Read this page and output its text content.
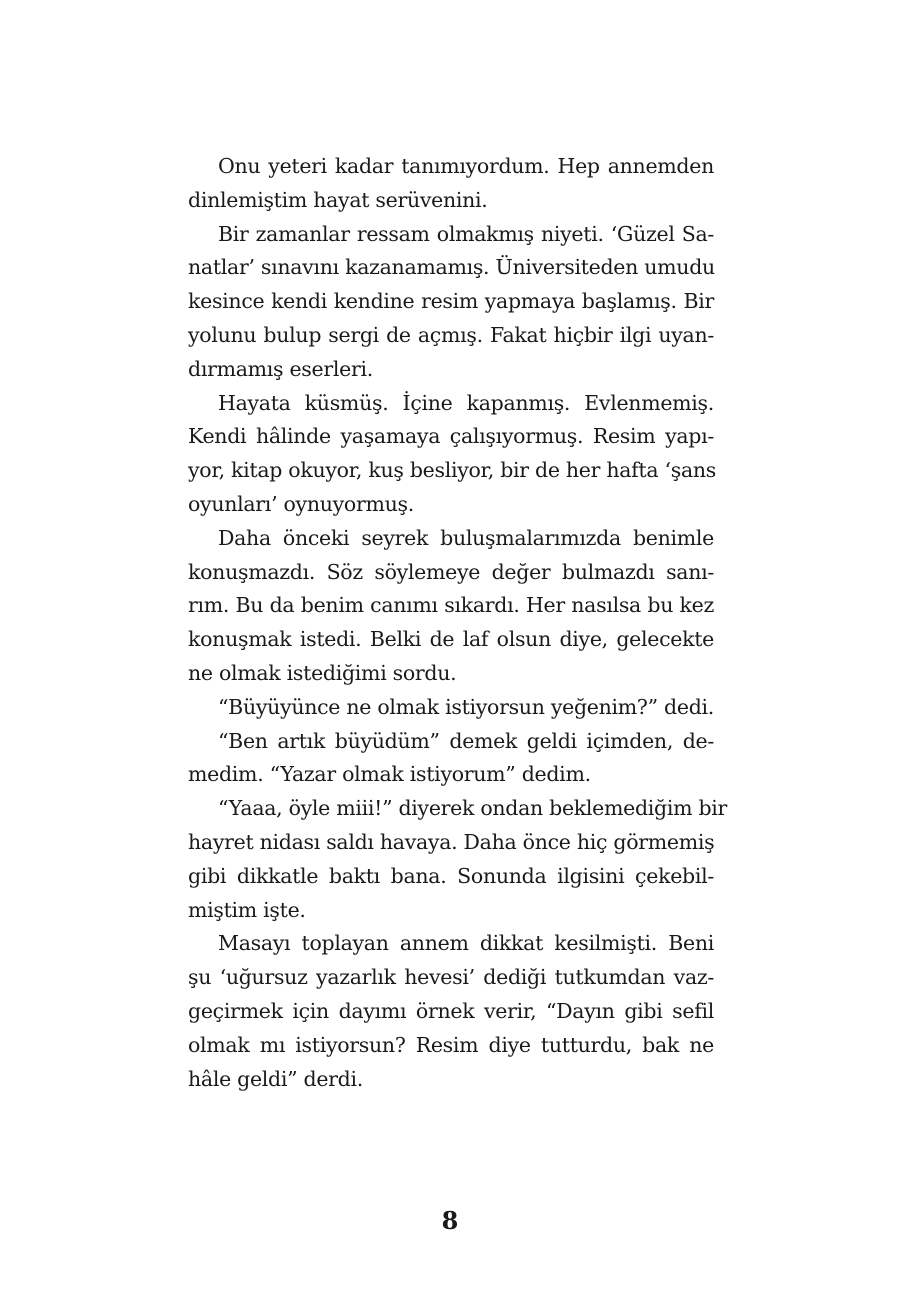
Onu yeteri kadar tanımıyordum. Hep annemden
dinlemiştim hayat serüvenini.
Bir zamanlar ressam olmakmış niyeti. ‘Güzel Sa-
natlar’ sınavını kazanamamış. Üniversiteden umudu
kesince kendi kendine resim yapmaya başlamış. Bir
yolunu bulup sergi de açmış. Fakat hiçbir ilgi uyan-
dırmamış eserleri.
Hayata küsmüş. İçine kapanmış. Evlenmemiş.
Kendi hâlinde yaşamaya çalışıyormuş. Resim yapı-
yor, kitap okuyor, kuş besliyor, bir de her hafta ‘şans
oyunları’ oynuyormuş.
Daha önceki seyrek buluşmalarımızda benimle
konuşmazdı. Söz söylemeye değer bulmazdı sanı-
rım. Bu da benim canımı sıkardı. Her nasılsa bu kez
konuşmak istedi. Belki de laf olsun diye, gelecekte
ne olmak istediğimi sordu.
“Büyüyünce ne olmak istiyorsun yeğenim?” dedi.
“Ben artık büyüdüm” demek geldi içimden, de-
medim. “Yazar olmak istiyorum” dedim.
“Yaaa, öyle miii!” diyerek ondan beklemediğim bir
hayret nidası saldı havaya. Daha önce hiç görmemiş
gibi dikkatle baktı bana. Sonunda ilgisini çekebil-
miştim işte.
Masayı toplayan annem dikkat kesilmişti. Beni
şu ‘uğursuz yazarlık hevesi’ dediği tutkumdan vaz-
geçirmek için dayımı örnek verir, “Dayın gibi sefil
olmak mı istiyorsun? Resim diye tutturdu, bak ne
hâle geldi” derdi.
8
